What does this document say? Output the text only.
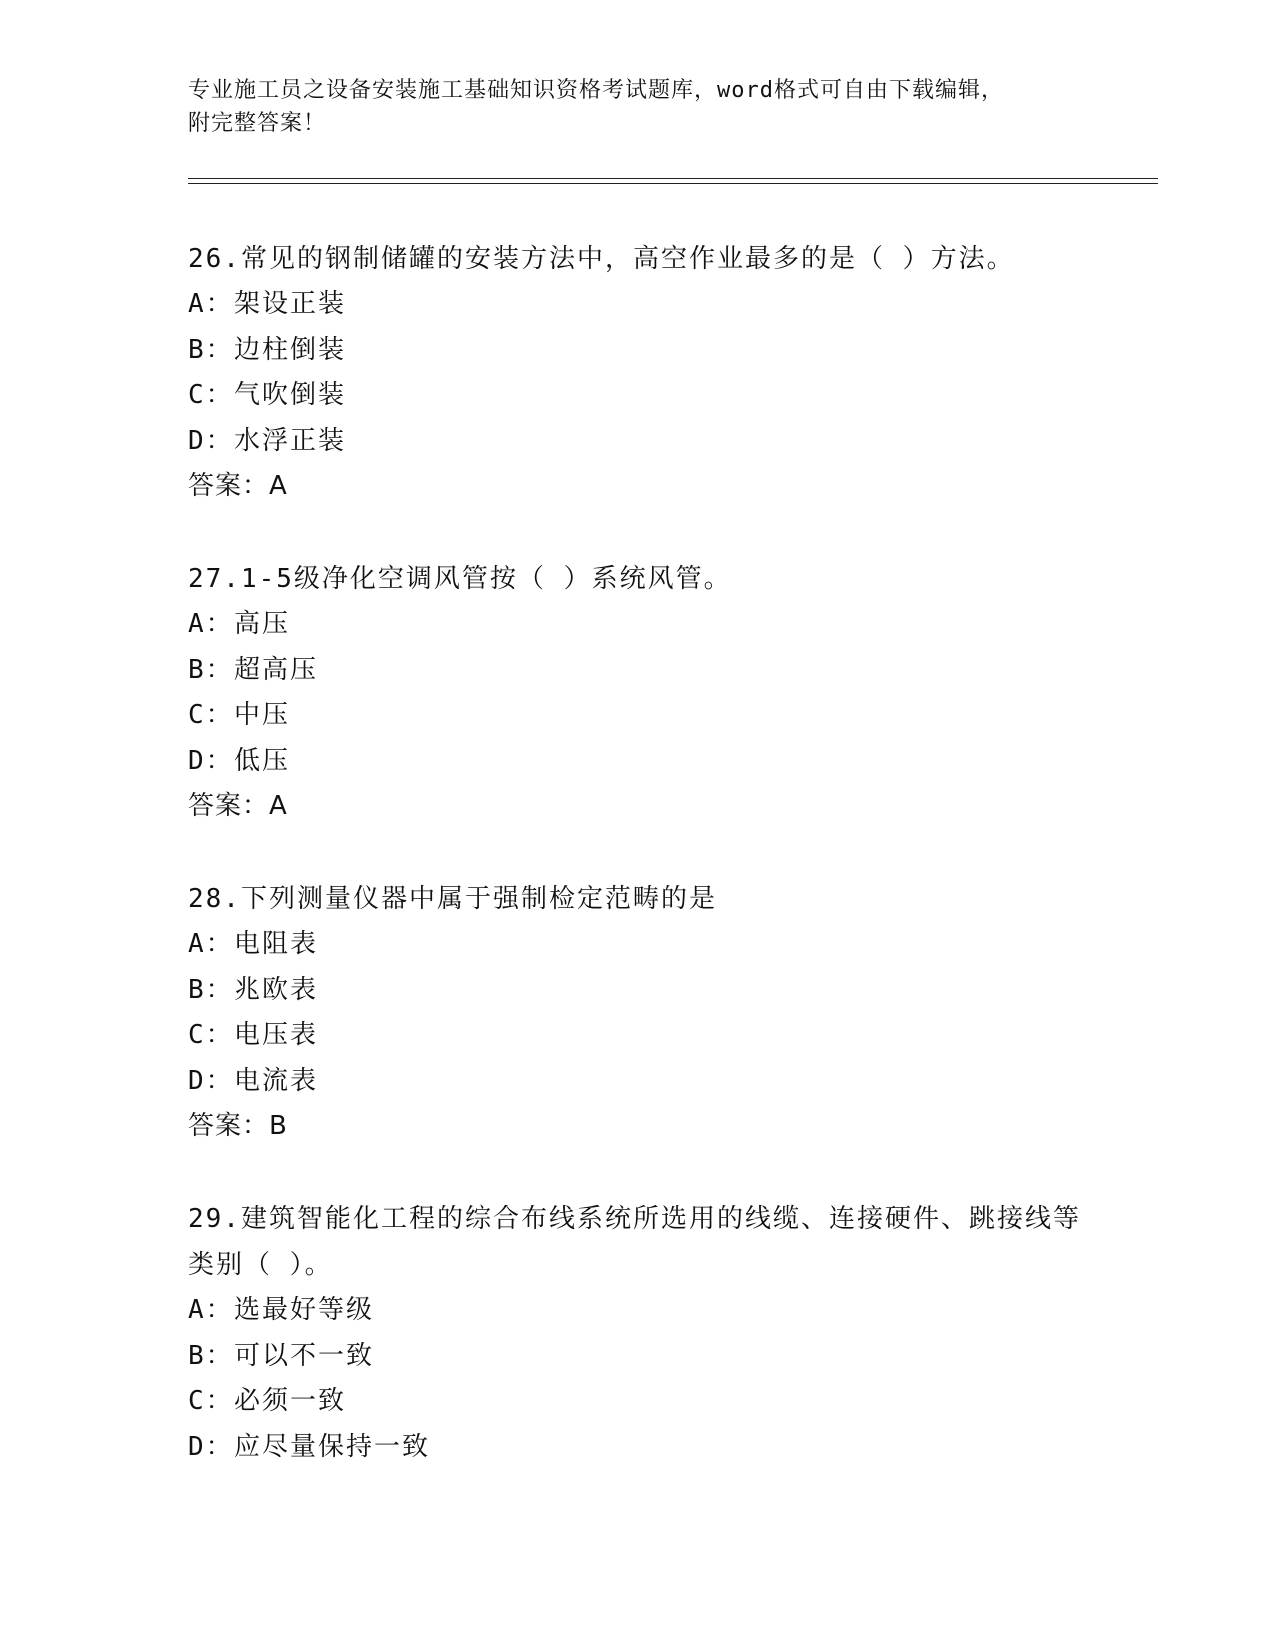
专业施工员之设备安装施工基础知识资格考试题库，word格式可自由下载编辑，
附完整答案！

26.常见的钢制储罐的安装方法中，高空作业最多的是（ ）方法。

A：架设正装

B：边柱倒装

C：气吹倒装

D：水浮正装

答案：A

27.1-5级净化空调风管按（ ）系统风管。

A：高压

B：超高压

C：中压

D：低压

答案：A

28.下列测量仪器中属于强制检定范畴的是

A：电阻表

B：兆欧表

C：电压表

D：电流表

答案：B

29.建筑智能化工程的综合布线系统所选用的线缆、连接硬件、跳接线等类别（ ）。

A：选最好等级

B：可以不一致

C：必须一致

D：应尽量保持一致
